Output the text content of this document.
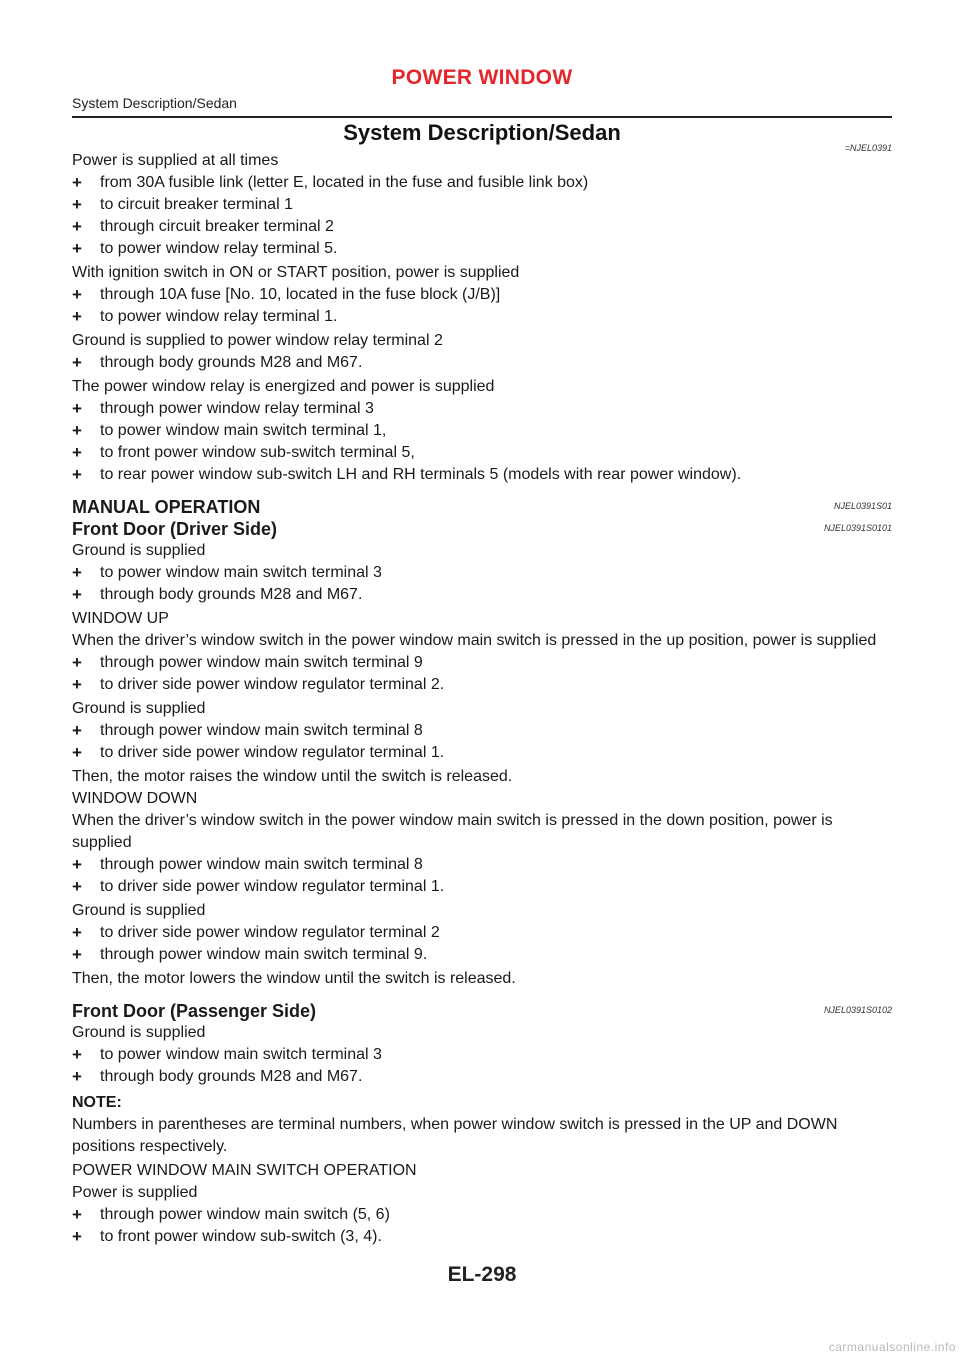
POWER WINDOW
System Description/Sedan
System Description/Sedan
=NJEL0391
Power is supplied at all times
+ from 30A fusible link (letter E, located in the fuse and fusible link box)
+ to circuit breaker terminal 1
+ through circuit breaker terminal 2
+ to power window relay terminal 5.
With ignition switch in ON or START position, power is supplied
+ through 10A fuse [No. 10, located in the fuse block (J/B)]
+ to power window relay terminal 1.
Ground is supplied to power window relay terminal 2
+ through body grounds M28 and M67.
The power window relay is energized and power is supplied
+ through power window relay terminal 3
+ to power window main switch terminal 1,
+ to front power window sub-switch terminal 5,
+ to rear power window sub-switch LH and RH terminals 5 (models with rear power window).
MANUAL OPERATION	NJEL0391S01
Front Door (Driver Side)	NJEL0391S0101
Ground is supplied
+ to power window main switch terminal 3
+ through body grounds M28 and M67.
WINDOW UP
When the driver’s window switch in the power window main switch is pressed in the up position, power is supplied
+ through power window main switch terminal 9
+ to driver side power window regulator terminal 2.
Ground is supplied
+ through power window main switch terminal 8
+ to driver side power window regulator terminal 1.
Then, the motor raises the window until the switch is released.
WINDOW DOWN
When the driver’s window switch in the power window main switch is pressed in the down position, power is supplied
+ through power window main switch terminal 8
+ to driver side power window regulator terminal 1.
Ground is supplied
+ to driver side power window regulator terminal 2
+ through power window main switch terminal 9.
Then, the motor lowers the window until the switch is released.
Front Door (Passenger Side)	NJEL0391S0102
Ground is supplied
+ to power window main switch terminal 3
+ through body grounds M28 and M67.
NOTE:
Numbers in parentheses are terminal numbers, when power window switch is pressed in the UP and DOWN positions respectively.
POWER WINDOW MAIN SWITCH OPERATION
Power is supplied
+ through power window main switch (5, 6)
+ to front power window sub-switch (3, 4).
EL-298
carmanualsonline.info
